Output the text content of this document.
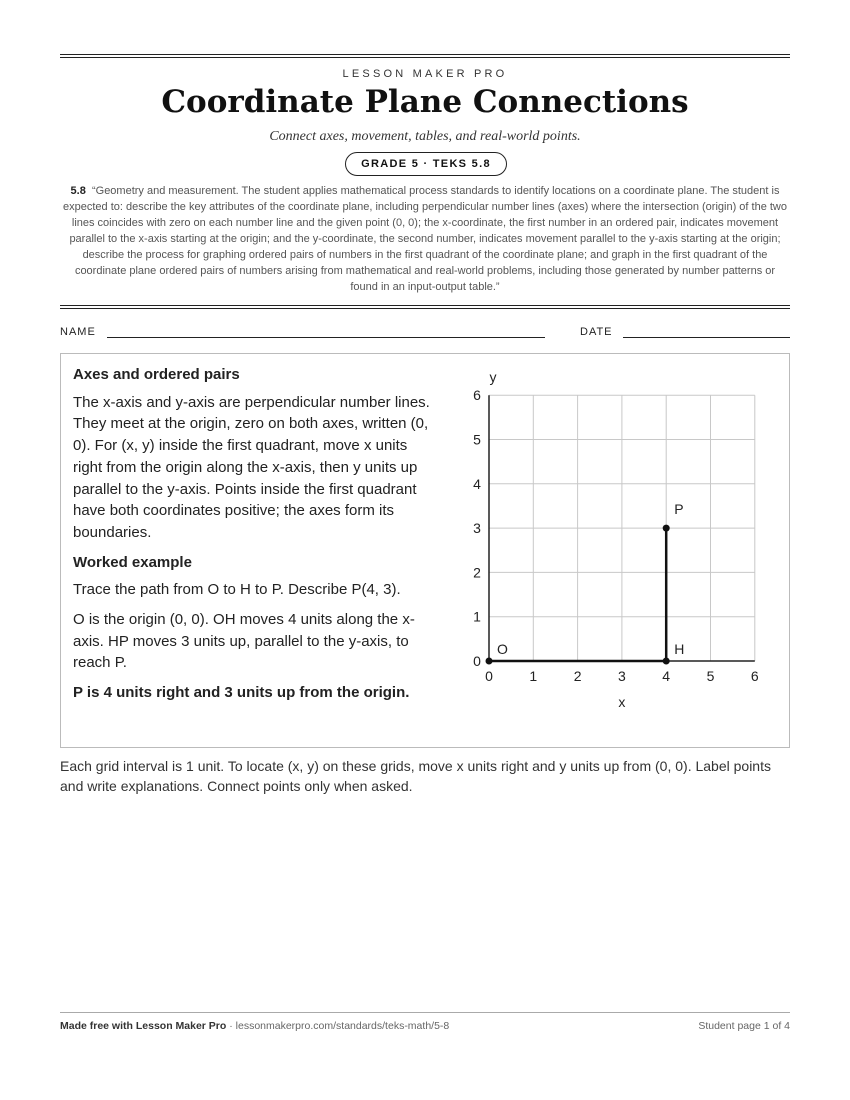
LESSON MAKER PRO
Coordinate Plane Connections
Connect axes, movement, tables, and real-world points.
GRADE 5 · TEKS 5.8
5.8 “Geometry and measurement. The student applies mathematical process standards to identify locations on a coordinate plane. The student is expected to: describe the key attributes of the coordinate plane, including perpendicular number lines (axes) where the intersection (origin) of the two lines coincides with zero on each number line and the given point (0, 0); the x-coordinate, the first number in an ordered pair, indicates movement parallel to the x-axis starting at the origin; and the y-coordinate, the second number, indicates movement parallel to the y-axis starting at the origin; describe the process for graphing ordered pairs of numbers in the first quadrant of the coordinate plane; and graph in the first quadrant of the coordinate plane ordered pairs of numbers arising from mathematical and real-world problems, including those generated by number patterns or found in an input-output table.”
NAME	DATE

Axes and ordered pairs

The x-axis and y-axis are perpendicular number lines. They meet at the origin, zero on both axes, written (0, 0). For (x, y) inside the first quadrant, move x units right from the origin along the x-axis, then y units up parallel to the y-axis. Points inside the first quadrant have both coordinates positive; the axes form its boundaries.

Worked example

Trace the path from O to H to P. Describe P(4, 3).

O is the origin (0, 0). OH moves 4 units along the x-axis. HP moves 3 units up, parallel to the y-axis, to reach P.

P is 4 units right and 3 units up from the origin.

0	1	2	3	4	5	6
0
1
2
3
4
5
6
x
y
O	H
P
Each grid interval is 1 unit. To locate (x, y) on these grids, move x units right and y units up from (0, 0). Label points and write explanations. Connect points only when asked.
Made free with Lesson Maker Pro · lessonmakerpro.com/standards/teks-math/5-8	Student page 1 of 4
